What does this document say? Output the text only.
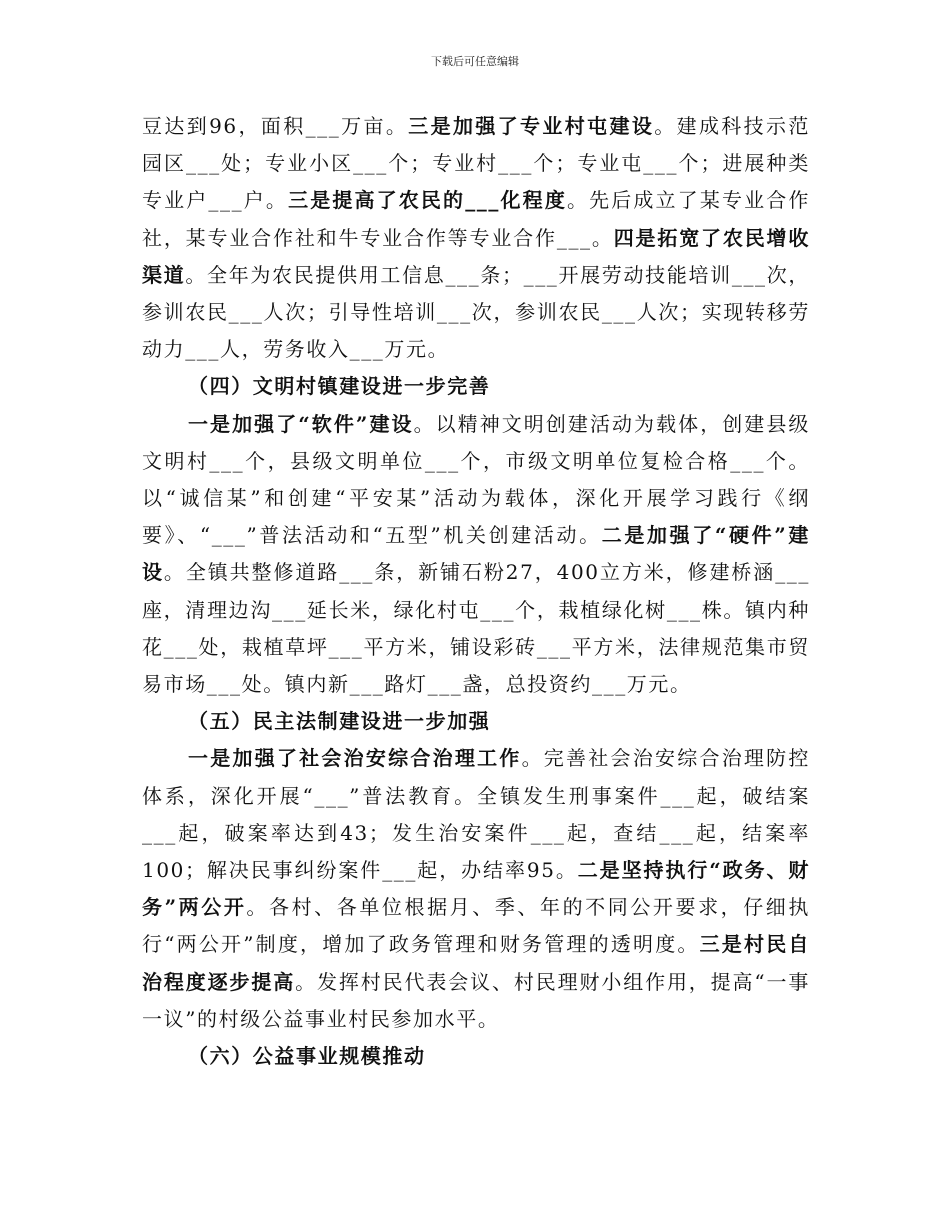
下载后可任意编辑

豆达到96，面积___万亩。三是加强了专业村屯建设。建成科技示范园区___处；专业小区___个；专业村___个；专业屯___个；进展种类专业户___户。三是提高了农民的___化程度。先后成立了某专业合作社，某专业合作社和牛专业合作等专业合作___。四是拓宽了农民增收渠道。全年为农民提供用工信息___条；___开展劳动技能培训___次，参训农民___人次；引导性培训___次，参训农民___人次；实现转移劳动力___人，劳务收入___万元。

（四）文明村镇建设进一步完善

一是加强了“软件”建设。以精神文明创建活动为载体，创建县级文明村___个，县级文明单位___个，市级文明单位复检合格___个。以“诚信某”和创建“平安某”活动为载体，深化开展学习践行《纲要》、“___”普法活动和“五型”机关创建活动。二是加强了“硬件”建设。全镇共整修道路___条，新铺石粉27，400立方米，修建桥涵___座，清理边沟___延长米，绿化村屯___个，栽植绿化树___株。镇内种花___处，栽植草坪___平方米，铺设彩砖___平方米，法律规范集市贸易市场___处。镇内新___路灯___盏，总投资约___万元。

（五）民主法制建设进一步加强

一是加强了社会治安综合治理工作。完善社会治安综合治理防控体系，深化开展“___”普法教育。全镇发生刑事案件___起，破结案___起，破案率达到43；发生治安案件___起，查结___起，结案率100；解决民事纠纷案件___起，办结率95。二是坚持执行“政务、财务”两公开。各村、各单位根据月、季、年的不同公开要求，仔细执行“两公开”制度，增加了政务管理和财务管理的透明度。三是村民自治程度逐步提高。发挥村民代表会议、村民理财小组作用，提高“一事一议”的村级公益事业村民参加水平。

（六）公益事业规模推动
